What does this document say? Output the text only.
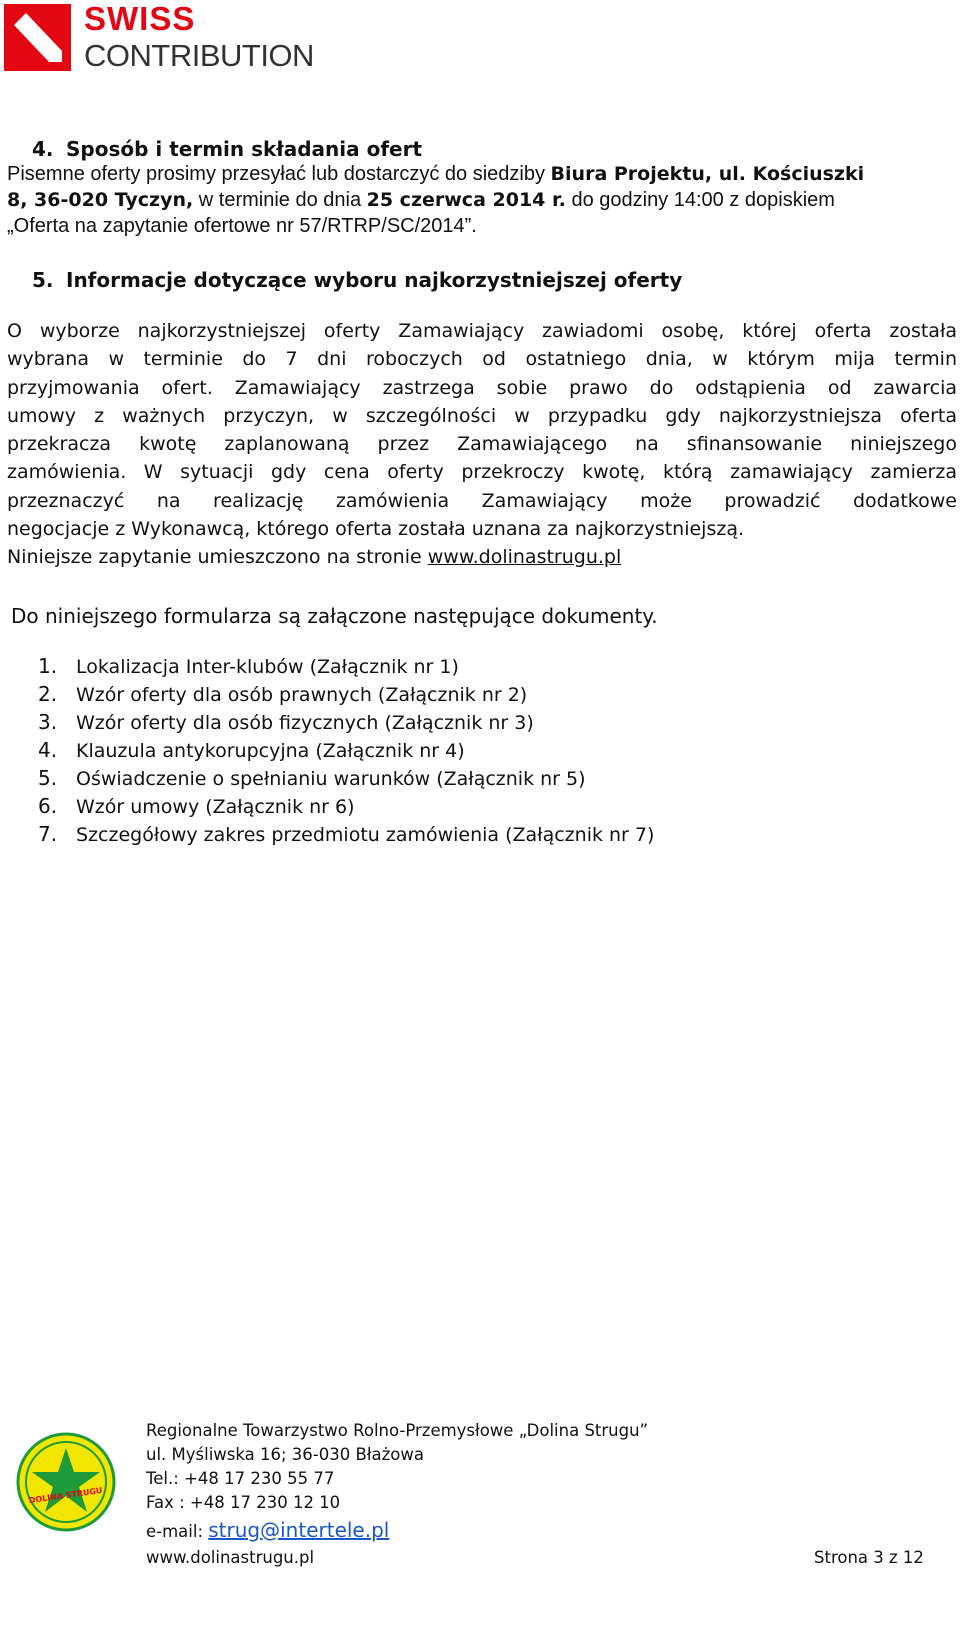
SWISS
CONTRIBUTION
4. Sposób i termin składania ofert
Pisemne oferty prosimy przesyłać lub dostarczyć do siedziby Biura Projektu, ul. Kościuszki
8, 36-020 Tyczyn, w terminie do dnia 25 czerwca 2014 r. do godziny 14:00 z dopiskiem
„Oferta na zapytanie ofertowe nr 57/RTRP/SC/2014”.
5. Informacje dotyczące wyboru najkorzystniejszej oferty
O wyborze najkorzystniejszej oferty Zamawiający zawiadomi osobę, której oferta została
wybrana w terminie do 7 dni roboczych od ostatniego dnia, w którym mija termin
przyjmowania ofert. Zamawiający zastrzega sobie prawo do odstąpienia od zawarcia
umowy z ważnych przyczyn, w szczególności w przypadku gdy najkorzystniejsza oferta
przekracza kwotę zaplanowaną przez Zamawiającego na sfinansowanie niniejszego
zamówienia. W sytuacji gdy cena oferty przekroczy kwotę, którą zamawiający zamierza
przeznaczyć na realizację zamówienia Zamawiający może prowadzić dodatkowe
negocjacje z Wykonawcą, którego oferta została uznana za najkorzystniejszą.
Niniejsze zapytanie umieszczono na stronie www.dolinastrugu.pl
Do niniejszego formularza są załączone następujące dokumenty.
1. Lokalizacja Inter-klubów (Załącznik nr 1)
2. Wzór oferty dla osób prawnych (Załącznik nr 2)
3. Wzór oferty dla osób fizycznych (Załącznik nr 3)
4. Klauzula antykorupcyjna (Załącznik nr 4)
5. Oświadczenie o spełnianiu warunków (Załącznik nr 5)
6. Wzór umowy (Załącznik nr 6)
7. Szczegółowy zakres przedmiotu zamówienia (Załącznik nr 7)
DOLINA STRUGU
Regionalne Towarzystwo Rolno-Przemysłowe „Dolina Strugu”
ul. Myśliwska 16; 36-030 Błażowa
Tel.: +48 17 230 55 77
Fax : +48 17 230 12 10
e-mail: strug@intertele.pl
www.dolinastrugu.pl	Strona 3 z 12
